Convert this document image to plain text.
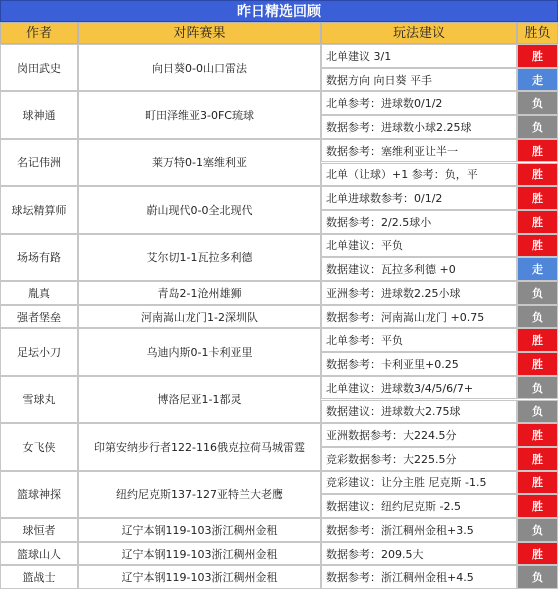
昨日精选回顾
作者	对阵赛果	玩法建议	胜负
岗田武史	向日葵0-0山口雷法
北单建议 3/1	胜
数据方向 向日葵 平手	走
球神通	町田泽维亚3-0FC琉球
北单参考：进球数0/1/2	负
数据参考：进球数小球2.25球	负
名记伟洲	莱万特0-1塞维利亚
数据参考：塞维利亚让半一	胜
北单（让球）+1 参考：负，平	胜
球坛精算师	蔚山现代0-0全北现代
北单进球数参考：0/1/2	胜
数据参考：2/2.5球小	胜
场场有路	艾尔切1-1瓦拉多利德
北单建议：平负	胜
数据建议：瓦拉多利德 +0	走
胤真	青岛2-1沧州雄狮	亚洲参考：进球数2.25小球	负
强者堡垒	河南嵩山龙门1-2深圳队	数据参考：河南嵩山龙门 +0.75	负
足坛小刀	乌迪内斯0-1卡利亚里
北单参考：平负	胜
数据参考：卡利亚里+0.25	胜
雪球丸	博洛尼亚1-1都灵
北单建议：进球数3/4/5/6/7+	负
数据建议：进球数大2.75球	负
女飞侠	印第安纳步行者122-116俄克拉荷马城雷霆
亚洲数据参考：大224.5分	胜
竞彩数据参考：大225.5分	胜
篮球神探	纽约尼克斯137-127亚特兰大老鹰
竞彩建议：让分主胜 尼克斯 -1.5	胜
数据建议：纽约尼克斯 -2.5	胜
球恒者	辽宁本钢119-103浙江稠州金租	数据参考：浙江稠州金租+3.5	负
篮球山人	辽宁本钢119-103浙江稠州金租	数据参考：209.5大	胜
篮战士	辽宁本钢119-103浙江稠州金租	数据参考：浙江稠州金租+4.5	负
